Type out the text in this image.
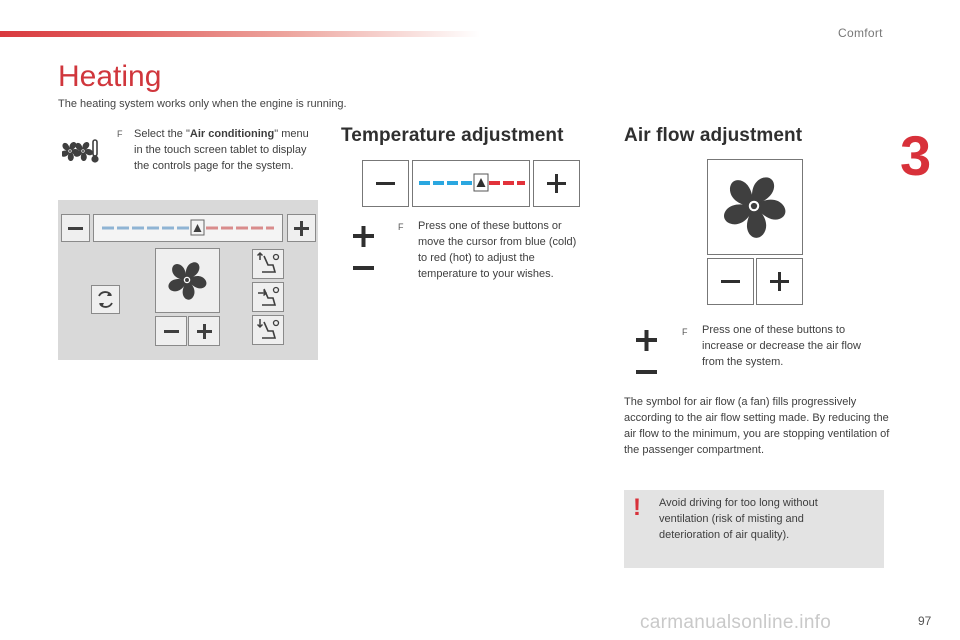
Comfort
3
97
carmanualsonline.info
Heating
The heating system works only when the engine is running.
F Select the "Air conditioning" menu in the touch screen tablet to display the controls page for the system.
Temperature adjustment
F Press one of these buttons or move the cursor from blue (cold) to red (hot) to adjust the temperature to your wishes.
Air flow adjustment
F Press one of these buttons to increase or decrease the air flow from the system.
The symbol for air flow (a fan) fills progressively according to the air flow setting made. By reducing the air flow to the minimum, you are stopping ventilation of the passenger compartment.
! Avoid driving for too long without ventilation (risk of misting and deterioration of air quality).
